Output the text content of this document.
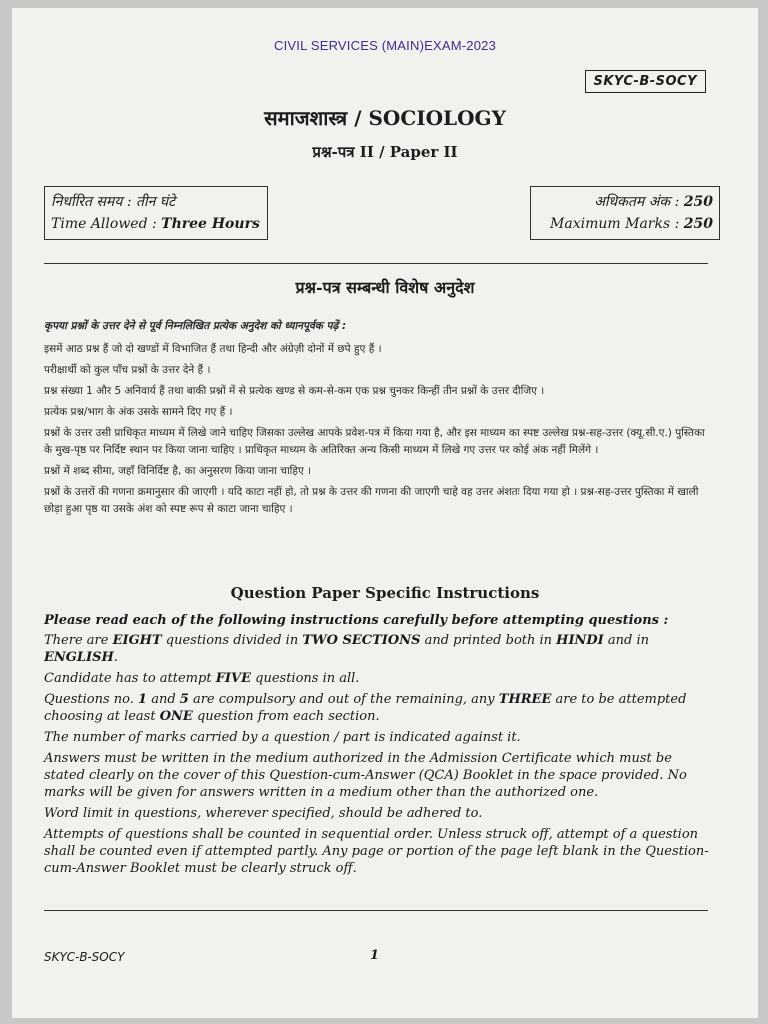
CIVIL SERVICES (MAIN)EXAM-2023
SKYC-B-SOCY
समाजशास्त्र / SOCIOLOGY
प्रश्न-पत्र II / Paper II
निर्धारित समय : तीन घंटे
Time Allowed : Three Hours
अधिकतम अंक : 250
Maximum Marks : 250
प्रश्न-पत्र सम्बन्धी विशेष अनुदेश

कृपया प्रश्नों के उत्तर देने से पूर्व निम्नलिखित प्रत्येक अनुदेश को ध्यानपूर्वक पढ़ें :

इसमें आठ प्रश्न हैं जो दो खण्डों में विभाजित हैं तथा हिन्दी और अंग्रेज़ी दोनों में छपे हुए हैं ।

परीक्षार्थी को कुल पाँच प्रश्नों के उत्तर देने हैं ।

प्रश्न संख्या 1 और 5 अनिवार्य हैं तथा बाकी प्रश्नों में से प्रत्येक खण्ड से कम-से-कम एक प्रश्न चुनकर किन्हीं तीन प्रश्नों के उत्तर दीजिए ।

प्रत्येक प्रश्न/भाग के अंक उसके सामने दिए गए हैं ।

प्रश्नों के उत्तर उसी प्राधिकृत माध्यम में लिखे जाने चाहिए जिसका उल्लेख आपके प्रवेश-पत्र में किया गया है, और इस माध्यम का स्पष्ट उल्लेख प्रश्न-सह-उत्तर (क्यू.सी.ए.) पुस्तिका के मुख-पृष्ठ पर निर्दिष्ट स्थान पर किया जाना चाहिए । प्राधिकृत माध्यम के अतिरिक्त अन्य किसी माध्यम में लिखे गए उत्तर पर कोई अंक नहीं मिलेंगे ।

प्रश्नों में शब्द सीमा, जहाँ विनिर्दिष्ट है, का अनुसरण किया जाना चाहिए ।

प्रश्नों के उत्तरों की गणना क्रमानुसार की जाएगी । यदि काटा नहीं हो, तो प्रश्न के उत्तर की गणना की जाएगी चाहे वह उत्तर अंशतः दिया गया हो । प्रश्न-सह-उत्तर पुस्तिका में खाली छोड़ा हुआ पृष्ठ या उसके अंश को स्पष्ट रूप से काटा जाना चाहिए ।

Question Paper Specific Instructions

Please read each of the following instructions carefully before attempting questions :

There are EIGHT questions divided in TWO SECTIONS and printed both in HINDI and in ENGLISH.

Candidate has to attempt FIVE questions in all.

Questions no. 1 and 5 are compulsory and out of the remaining, any THREE are to be attempted choosing at least ONE question from each section.

The number of marks carried by a question / part is indicated against it.

Answers must be written in the medium authorized in the Admission Certificate which must be stated clearly on the cover of this Question-cum-Answer (QCA) Booklet in the space provided. No marks will be given for answers written in a medium other than the authorized one.

Word limit in questions, wherever specified, should be adhered to.

Attempts of questions shall be counted in sequential order. Unless struck off, attempt of a question shall be counted even if attempted partly. Any page or portion of the page left blank in the Question-cum-Answer Booklet must be clearly struck off.

SKYC-B-SOCY	1
